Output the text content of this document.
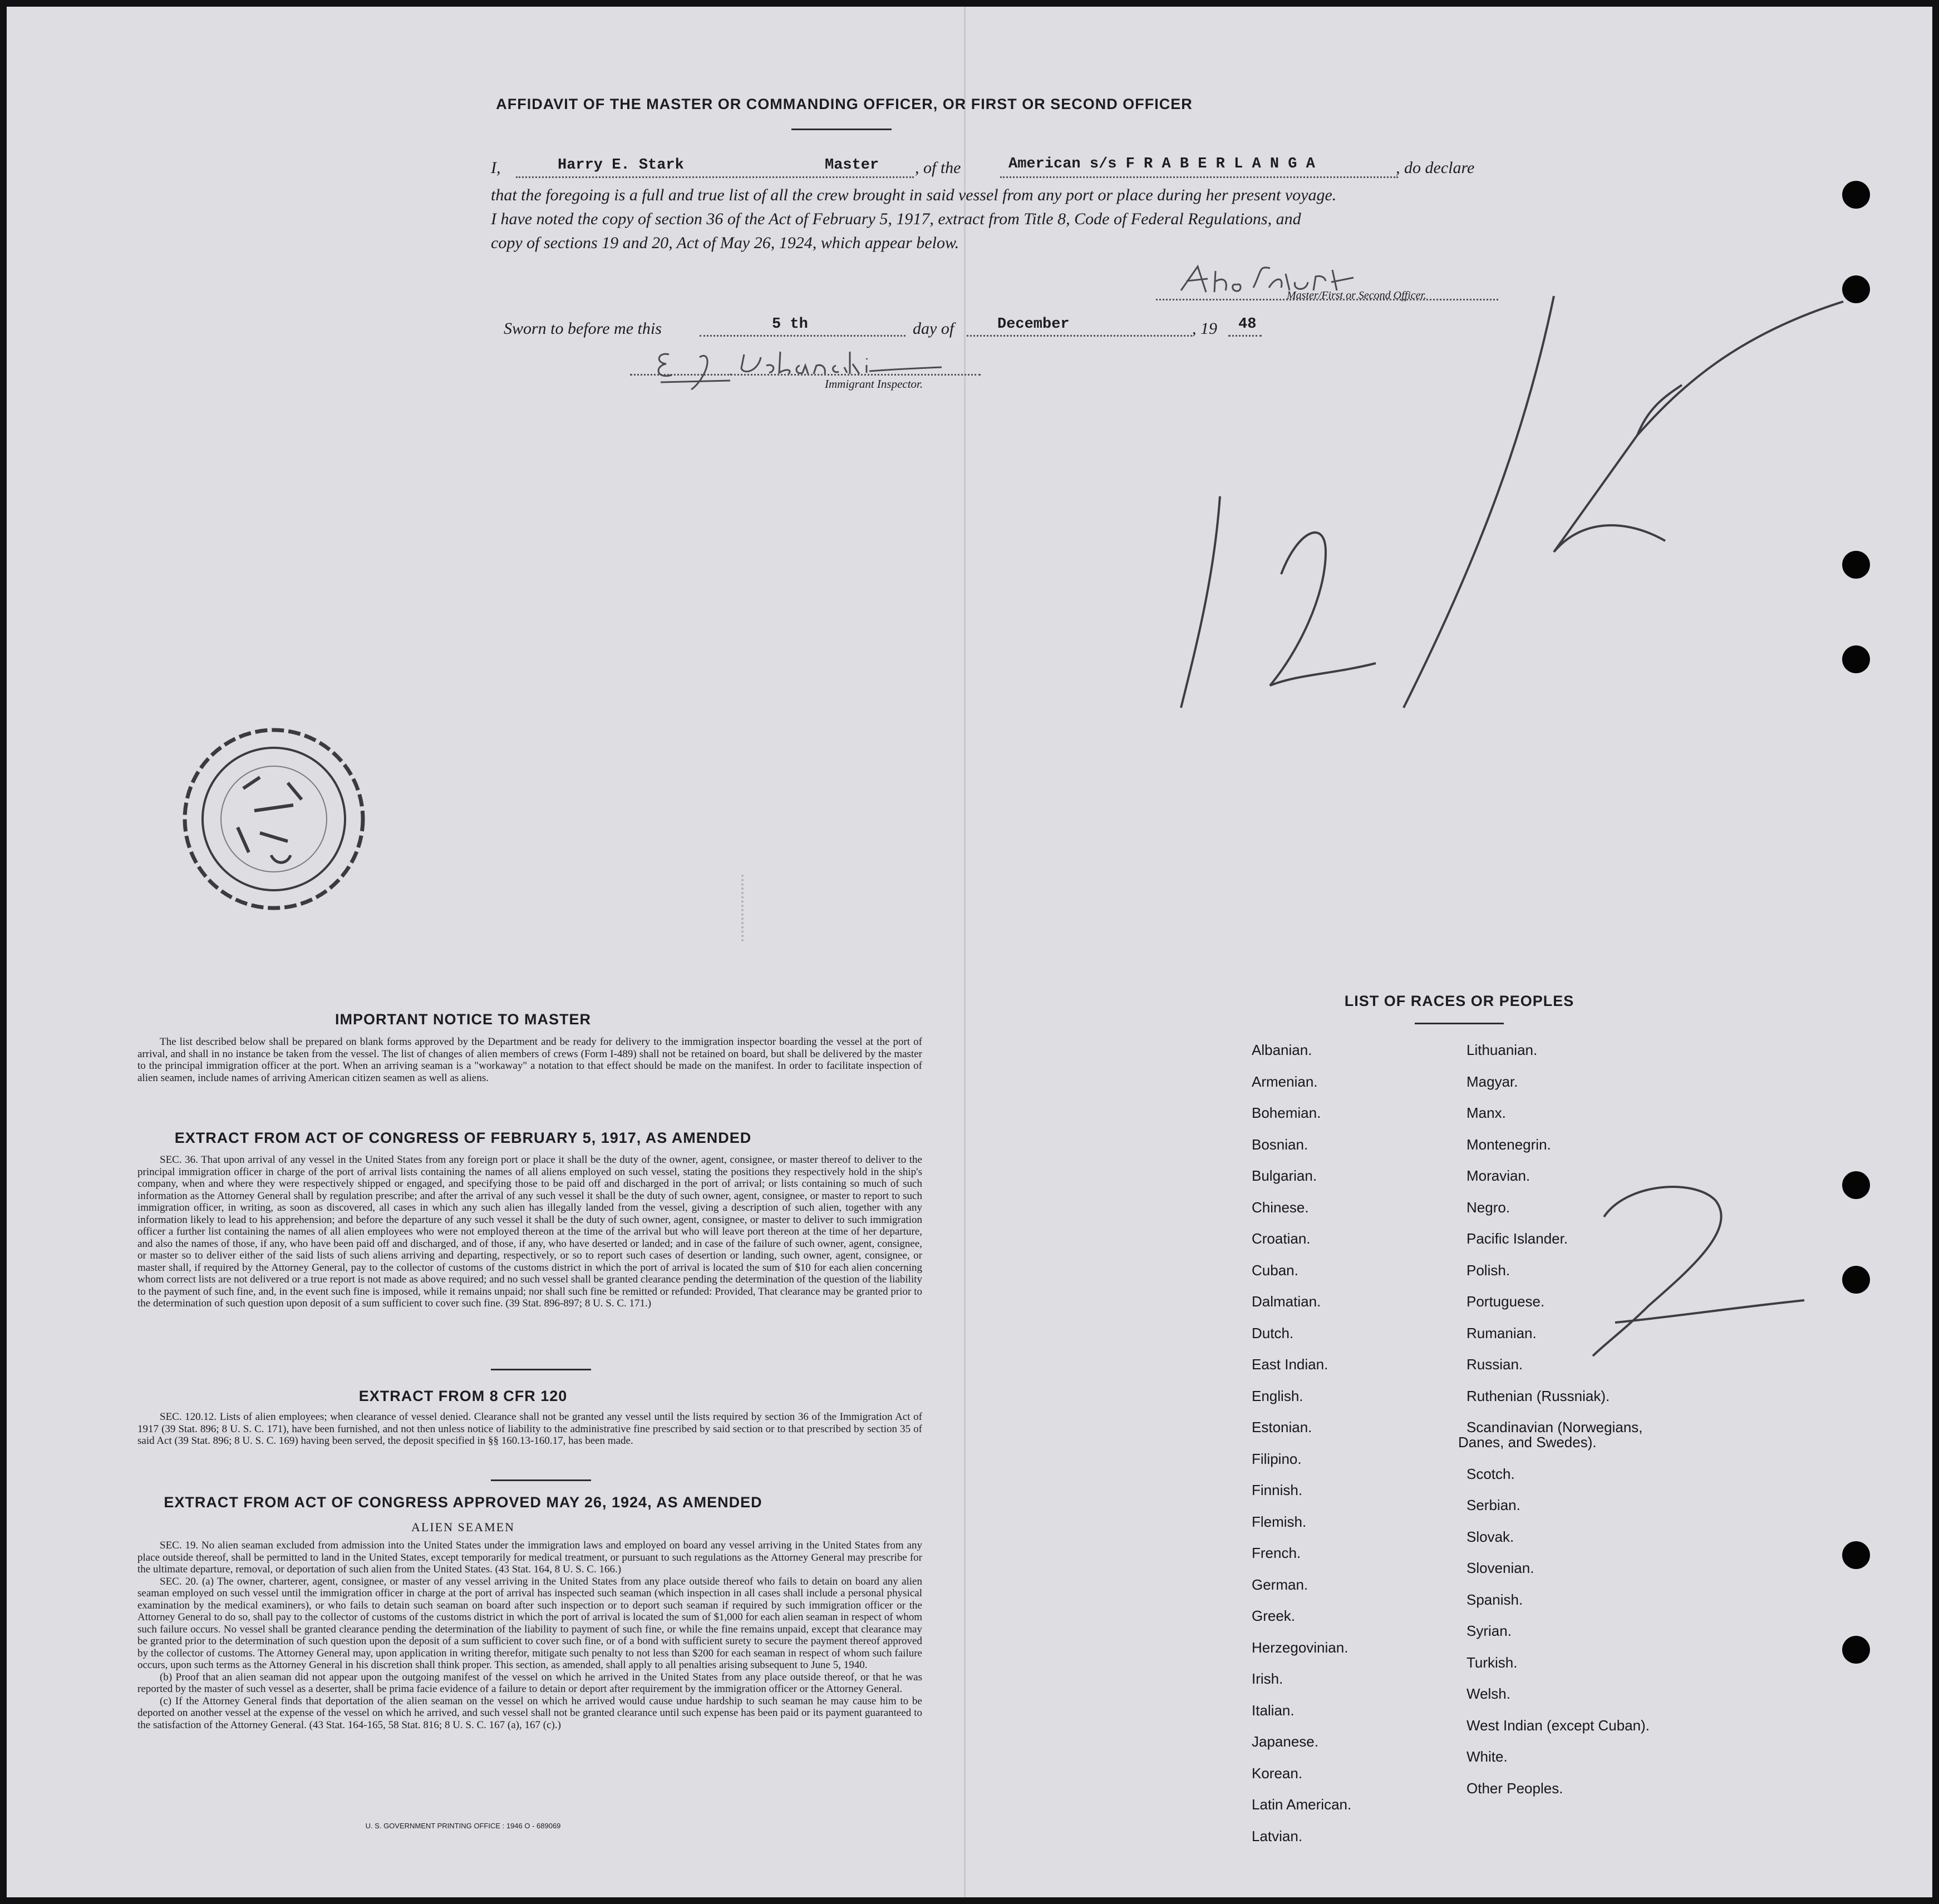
AFFIDAVIT OF THE MASTER OR COMMANDING OFFICER, OR FIRST OR SECOND OFFICER
I,	Harry E. Stark	Master , of the	American s/s F R A B E R L A N G A	, do declare
that the foregoing is a full and true list of all the crew brought in said vessel from any port or place during her present voyage.
I have noted the copy of section 36 of the Act of February 5, 1917, extract from Title 8, Code of Federal Regulations, and
copy of sections 19 and 20, Act of May 26, 1924, which appear below.
Master/First or Second Officer.
Sworn to before me this	5 th	day of	December	, 19 48
Immigrant Inspector.
IMPORTANT NOTICE TO MASTER
The list described below shall be prepared on blank forms approved by the Department and be ready for delivery to the immigration inspector boarding the vessel at the port of arrival, and shall in no instance be taken from the vessel. The list of changes of alien members of crews (Form I-489) shall not be retained on board, but shall be delivered by the master to the principal immigration officer at the port. When an arriving seaman is a "workaway" a notation to that effect should be made on the manifest. In order to facilitate inspection of alien seamen, include names of arriving American citizen seamen as well as aliens.
EXTRACT FROM ACT OF CONGRESS OF FEBRUARY 5, 1917, AS AMENDED
SEC. 36. That upon arrival of any vessel in the United States from any foreign port or place it shall be the duty of the owner, agent, consignee, or master thereof to deliver to the principal immigration officer in charge of the port of arrival lists containing the names of all aliens employed on such vessel, stating the positions they respectively hold in the ship's company, when and where they were respectively shipped or engaged, and specifying those to be paid off and discharged in the port of arrival; or lists containing so much of such information as the Attorney General shall by regulation prescribe; and after the arrival of any such vessel it shall be the duty of such owner, agent, consignee, or master to report to such immigration officer, in writing, as soon as discovered, all cases in which any such alien has illegally landed from the vessel, giving a description of such alien, together with any information likely to lead to his apprehension; and before the departure of any such vessel it shall be the duty of such owner, agent, consignee, or master to deliver to such immigration officer a further list containing the names of all alien employees who were not employed thereon at the time of the arrival but who will leave port thereon at the time of her departure, and also the names of those, if any, who have been paid off and discharged, and of those, if any, who have deserted or landed; and in case of the failure of such owner, agent, consignee, or master so to deliver either of the said lists of such aliens arriving and departing, respectively, or so to report such cases of desertion or landing, such owner, agent, consignee, or master shall, if required by the Attorney General, pay to the collector of customs of the customs district in which the port of arrival is located the sum of $10 for each alien concerning whom correct lists are not delivered or a true report is not made as above required; and no such vessel shall be granted clearance pending the determination of the question of the liability to the payment of such fine, and, in the event such fine is imposed, while it remains unpaid; nor shall such fine be remitted or refunded: Provided, That clearance may be granted prior to the determination of such question upon deposit of a sum sufficient to cover such fine. (39 Stat. 896-897; 8 U. S. C. 171.)
EXTRACT FROM 8 CFR 120
SEC. 120.12. Lists of alien employees; when clearance of vessel denied. Clearance shall not be granted any vessel until the lists required by section 36 of the Immigration Act of 1917 (39 Stat. 896; 8 U. S. C. 171), have been furnished, and not then unless notice of liability to the administrative fine prescribed by said section or to that prescribed by section 35 of said Act (39 Stat. 896; 8 U. S. C. 169) having been served, the deposit specified in §§ 160.13-160.17, has been made.
EXTRACT FROM ACT OF CONGRESS APPROVED MAY 26, 1924, AS AMENDED
ALIEN SEAMEN

SEC. 19. No alien seaman excluded from admission into the United States under the immigration laws and employed on board any vessel arriving in the United States from any place outside thereof, shall be permitted to land in the United States, except temporarily for medical treatment, or pursuant to such regulations as the Attorney General may prescribe for the ultimate departure, removal, or deportation of such alien from the United States. (43 Stat. 164, 8 U. S. C. 166.)

SEC. 20. (a) The owner, charterer, agent, consignee, or master of any vessel arriving in the United States from any place outside thereof who fails to detain on board any alien seaman employed on such vessel until the immigration officer in charge at the port of arrival has inspected such seaman (which inspection in all cases shall include a personal physical examination by the medical examiners), or who fails to detain such seaman on board after such inspection or to deport such seaman if required by such immigration officer or the Attorney General to do so, shall pay to the collector of customs of the customs district in which the port of arrival is located the sum of $1,000 for each alien seaman in respect of whom such failure occurs. No vessel shall be granted clearance pending the determination of the liability to payment of such fine, or while the fine remains unpaid, except that clearance may be granted prior to the determination of such question upon the deposit of a sum sufficient to cover such fine, or of a bond with sufficient surety to secure the payment thereof approved by the collector of customs. The Attorney General may, upon application in writing therefor, mitigate such penalty to not less than $200 for each seaman in respect of whom such failure occurs, upon such terms as the Attorney General in his discretion shall think proper. This section, as amended, shall apply to all penalties arising subsequent to June 5, 1940.

(b) Proof that an alien seaman did not appear upon the outgoing manifest of the vessel on which he arrived in the United States from any place outside thereof, or that he was reported by the master of such vessel as a deserter, shall be prima facie evidence of a failure to detain or deport after requirement by the immigration officer or the Attorney General.

(c) If the Attorney General finds that deportation of the alien seaman on the vessel on which he arrived would cause undue hardship to such seaman he may cause him to be deported on another vessel at the expense of the vessel on which he arrived, and such vessel shall not be granted clearance until such expense has been paid or its payment guaranteed to the satisfaction of the Attorney General. (43 Stat. 164-165, 58 Stat. 816; 8 U. S. C. 167 (a), 167 (c).)

U. S. GOVERNMENT PRINTING OFFICE : 1946 O - 689069
LIST OF RACES OR PEOPLES
Albanian.
Armenian.
Bohemian.
Bosnian.
Bulgarian.
Chinese.
Croatian.
Cuban.
Dalmatian.
Dutch.
East Indian.
English.
Estonian.
Filipino.
Finnish.
Flemish.
French.
German.
Greek.
Herzegovinian.
Irish.
Italian.
Japanese.
Korean.
Latin American.
Latvian.
Lithuanian.
Magyar.
Manx.
Montenegrin.
Moravian.
Negro.
Pacific Islander.
Polish.
Portuguese.
Rumanian.
Russian.
Ruthenian (Russniak).
Scandinavian (Norwegians,
Danes, and Swedes).
Scotch.
Serbian.
Slovak.
Slovenian.
Spanish.
Syrian.
Turkish.
Welsh.
West Indian (except Cuban).
White.
Other Peoples.
